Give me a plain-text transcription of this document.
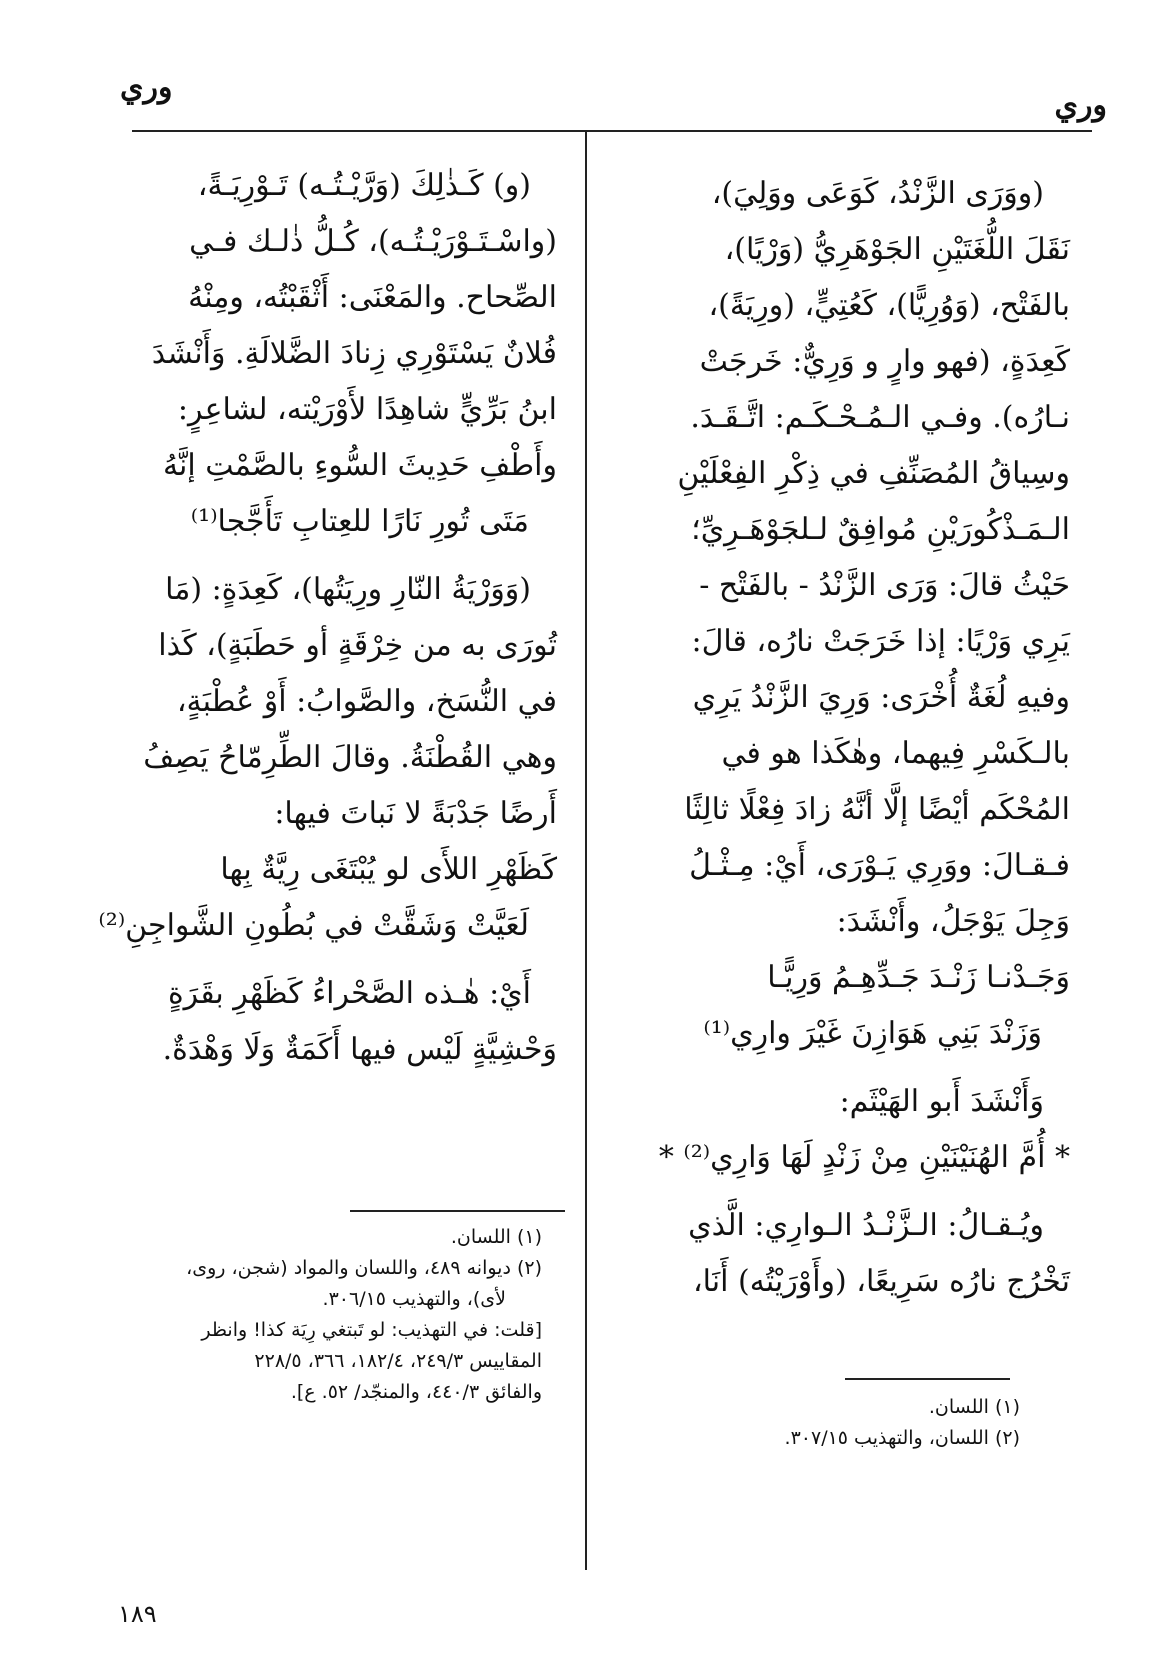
وري
وري

(ووَرَى الزَّنْدُ، كَوَعَى ووَلِيَ)،

نَقَلَ اللُّغَتَيْنِ الجَوْهَرِيُّ (وَرْيًا)،

بالفَتْح، (وَوُرِيًّا)، كَعُتِيٍّ، (ورِيَةً)،

كَعِدَةٍ، (فهو وارٍ و وَرِيٌّ: خَرجَتْ

نـارُه). وفـي الـمُـحْـكَـم: اتَّـقَـدَ.

وسِياقُ المُصَنِّفِ في ذِكْرِ الفِعْلَيْنِ

الـمَـذْكُورَيْنِ مُوافِقٌ لـلجَوْهَـرِيِّ؛

حَيْثُ قالَ: وَرَى الزَّنْدُ - بالفَتْح -

يَرِي وَرْيًا: إذا خَرَجَتْ نارُه، قالَ:

وفيهِ لُغَةٌ أُخْرَى: وَرِيَ الزَّنْدُ يَرِي

بالـكَسْرِ فِيهما، وهٰكَذا هو في

المُحْكَم أيْضًا إلَّا أنَّهُ زادَ فِعْلًا ثالِثًا

فـقـالَ: ووَرِي يَـوْرَى، أَيْ: مِـثْـلُ

وَجِلَ يَوْجَلُ، وأَنْشَدَ:

وَجَـدْنـا زَنْـدَ جَـدِّهِـمُ وَرِيًّـا

وَزَنْدَ بَنِي هَوَازِنَ غَيْرَ وارِي⁽¹⁾

وَأَنْشَدَ أَبو الهَيْثَم:

* أُمَّ الهُنَيْنَيْنِ مِنْ زَنْدٍ لَهَا وَارِي⁽²⁾ *

ويُـقـالُ: الـزَّنْـدُ الـوارِي: الَّذي

تَخْرُج نارُه سَرِيعًا، (وأَوْرَيْتُه) أَنَا،

(و) كَـذٰلِكَ (وَرَّيْـتُـه) تَـوْرِيَـةً،

(واسْـتَـوْرَيْـتُـه)، كُـلُّ ذٰلـك فـي

الصِّحاح. والمَعْنَى: أَثْقَبْتُه، ومِنْهُ

فُلانٌ يَسْتَوْرِي زِنادَ الضَّلالَةِ. وَأَنْشَدَ

ابنُ بَرِّيٍّ شاهِدًا لأَوْرَيْته، لشاعِرٍ:

وأَطْفِ حَدِيثَ السُّوءِ بالصَّمْتِ إنَّهُ

مَتَى تُورِ نَارًا للعِتابِ تَأَجَّجا⁽¹⁾

(وَوَرْيَةُ النّارِ ورِيَتُها)، كَعِدَةٍ: (مَا

تُورَى به من خِرْقَةٍ أو حَطَبَةٍ)، كَذا

في النُّسَخ، والصَّوابُ: أَوْ عُطْبَةٍ،

وهي القُطْنَةُ. وقالَ الطِّرِمّاحُ يَصِفُ

أَرضًا جَدْبَةً لا نَباتَ فيها:

كَظَهْرِ اللأَى لو يُبْتَغَى رِيَّةٌ بِها

لَعَيَّتْ وَشَقَّتْ في بُطُونِ الشَّواجِنِ⁽²⁾

أَيْ: هٰـذه الصَّحْراءُ كَظَهْرِ بقَرَةٍ

وَحْشِيَّةٍ لَيْس فيها أَكَمَةٌ وَلَا وَهْدَةٌ.

(١)اللسان.

(٢)ديوانه ٤٨٩، واللسان والمواد (شجن، روى،

لأى)، والتهذيب ٣٠٦/١٥.

[قلت: في التهذيب: لو تَبتغي رِيَة كذا! وانظر

المقاييس ٢٤٩/٣، ١٨٢/٤، ٣٦٦، ٢٢٨/٥

والفائق ٤٤٠/٣، والمنجّد/ ٥٢. ع].

(١)اللسان.

(٢)اللسان، والتهذيب ٣٠٧/١٥.

١٨٩
